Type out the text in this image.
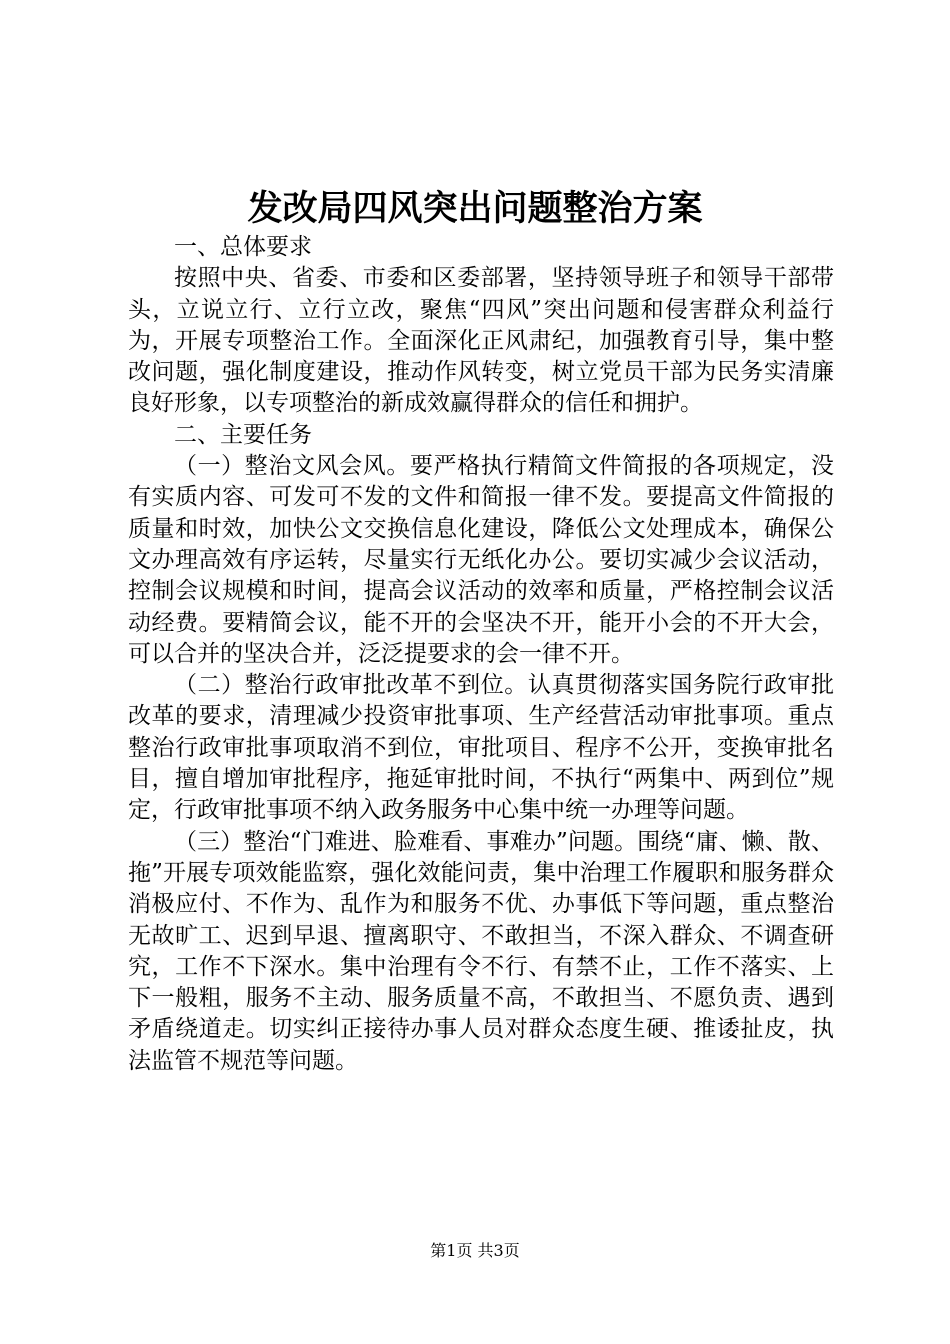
发改局四风突出问题整治方案

一、总体要求

按照中央、省委、市委和区委部署，坚持领导班子和领导干部带头，立说立行、立行立改，聚焦“四风”突出问题和侵害群众利益行为，开展专项整治工作。全面深化正风肃纪，加强教育引导，集中整改问题，强化制度建设，推动作风转变，树立党员干部为民务实清廉良好形象，以专项整治的新成效赢得群众的信任和拥护。

二、主要任务

（一）整治文风会风。要严格执行精简文件简报的各项规定，没有实质内容、可发可不发的文件和简报一律不发。要提高文件简报的质量和时效，加快公文交换信息化建设，降低公文处理成本，确保公文办理高效有序运转，尽量实行无纸化办公。要切实减少会议活动，控制会议规模和时间，提高会议活动的效率和质量，严格控制会议活动经费。要精简会议，能不开的会坚决不开，能开小会的不开大会，可以合并的坚决合并，泛泛提要求的会一律不开。

（二）整治行政审批改革不到位。认真贯彻落实国务院行政审批改革的要求，清理减少投资审批事项、生产经营活动审批事项。重点整治行政审批事项取消不到位，审批项目、程序不公开，变换审批名目，擅自增加审批程序，拖延审批时间，不执行“两集中、两到位”规定，行政审批事项不纳入政务服务中心集中统一办理等问题。

（三）整治“门难进、脸难看、事难办”问题。围绕“庸、懒、散、拖”开展专项效能监察，强化效能问责，集中治理工作履职和服务群众消极应付、不作为、乱作为和服务不优、办事低下等问题，重点整治无故旷工、迟到早退、擅离职守、不敢担当，不深入群众、不调查研究，工作不下深水。集中治理有令不行、有禁不止，工作不落实、上下一般粗，服务不主动、服务质量不高，不敢担当、不愿负责、遇到矛盾绕道走。切实纠正接待办事人员对群众态度生硬、推诿扯皮，执法监管不规范等问题。

第1页 共3页
